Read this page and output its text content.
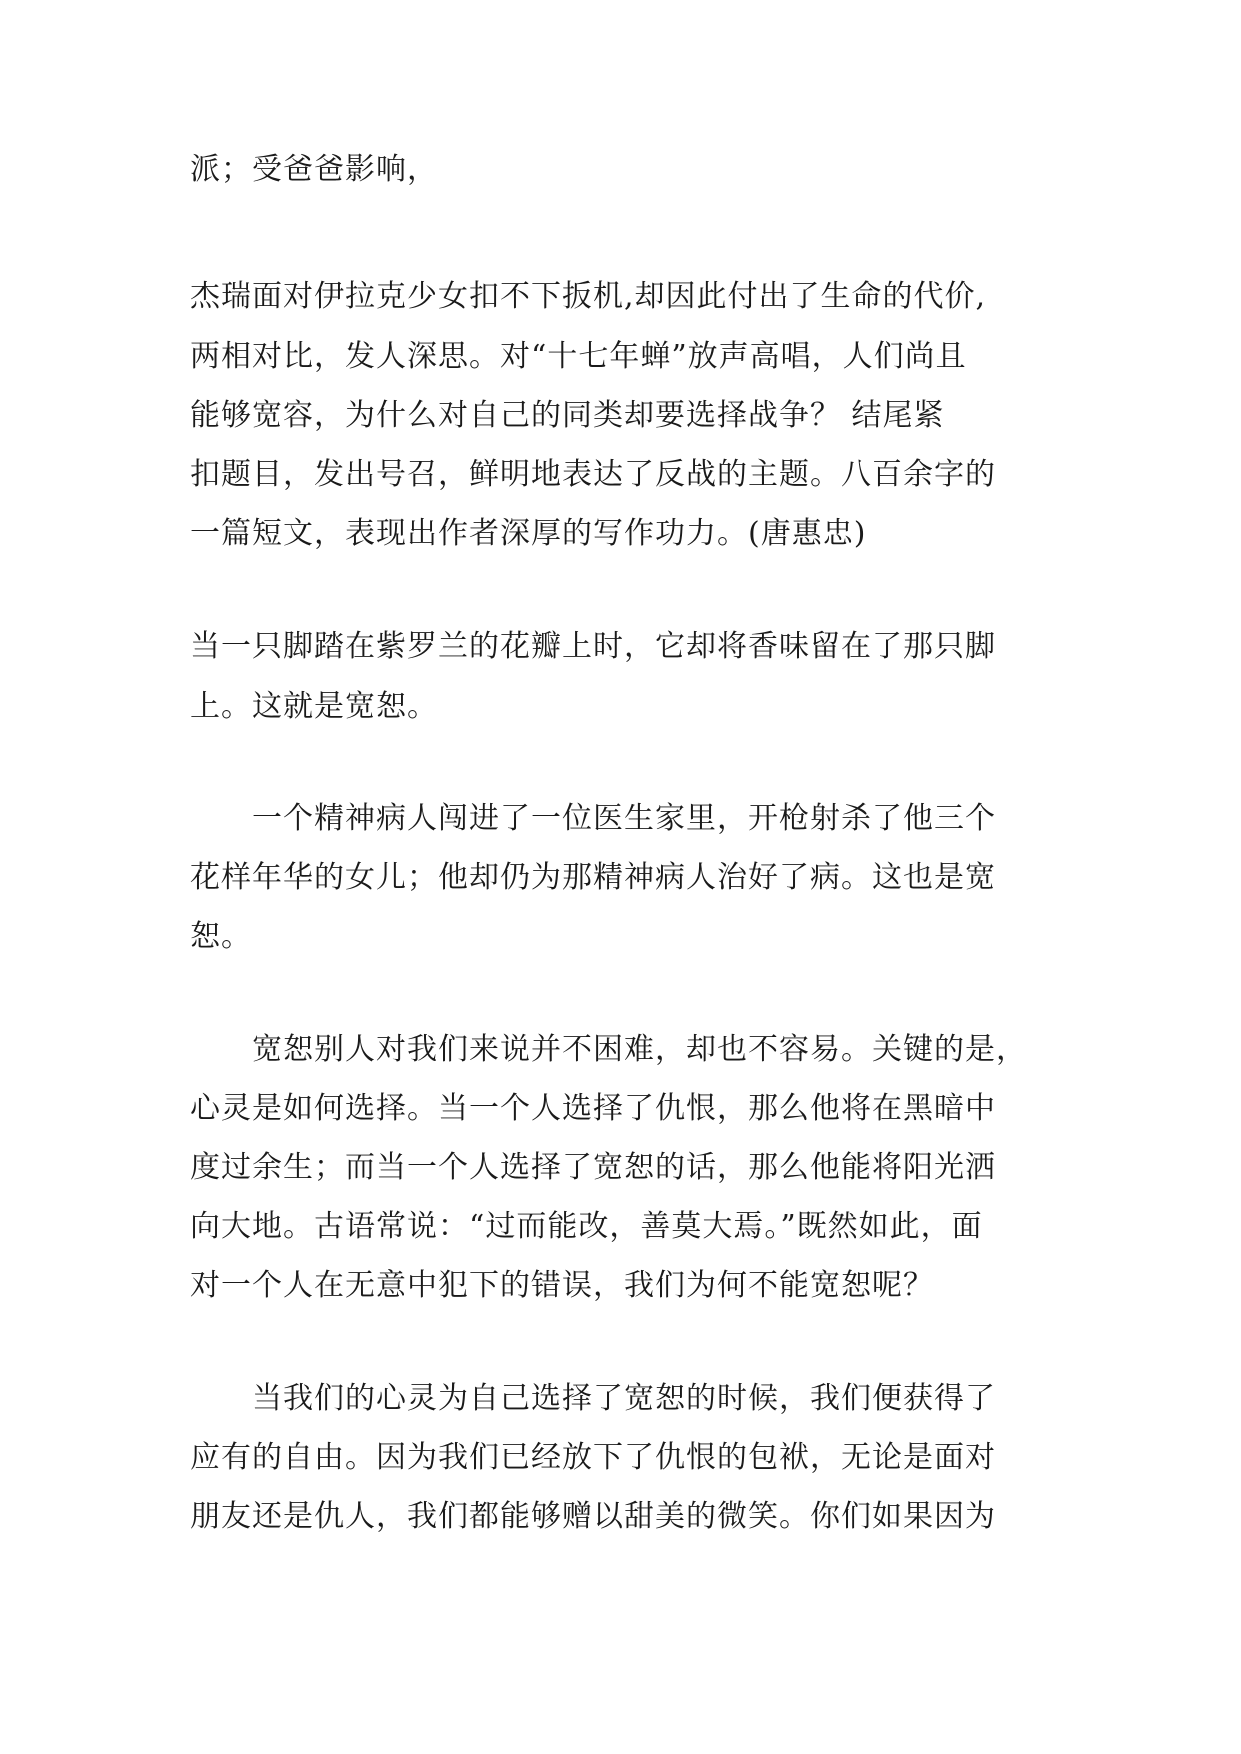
派；受爸爸影响，
杰瑞面对伊拉克少女扣不下扳机,却因此付出了生命的代价,
两相对比，发人深思。对“十七年蝉”放声高唱，人们尚且
能够宽容，为什么对自己的同类却要选择战争？ 结尾紧
扣题目，发出号召，鲜明地表达了反战的主题。八百余字的
一篇短文，表现出作者深厚的写作功力。(唐惠忠)
当一只脚踏在紫罗兰的花瓣上时，它却将香味留在了那只脚
上。这就是宽恕。
　　一个精神病人闯进了一位医生家里，开枪射杀了他三个
花样年华的女儿；他却仍为那精神病人治好了病。这也是宽
恕。
　　宽恕别人对我们来说并不困难，却也不容易。关键的是，
心灵是如何选择。当一个人选择了仇恨，那么他将在黑暗中
度过余生；而当一个人选择了宽恕的话，那么他能将阳光洒
向大地。古语常说：“过而能改，善莫大焉。”既然如此，面
对一个人在无意中犯下的错误，我们为何不能宽恕呢？
　　当我们的心灵为自己选择了宽恕的时候，我们便获得了
应有的自由。因为我们已经放下了仇恨的包袱，无论是面对
朋友还是仇人，我们都能够赠以甜美的微笑。你们如果因为
